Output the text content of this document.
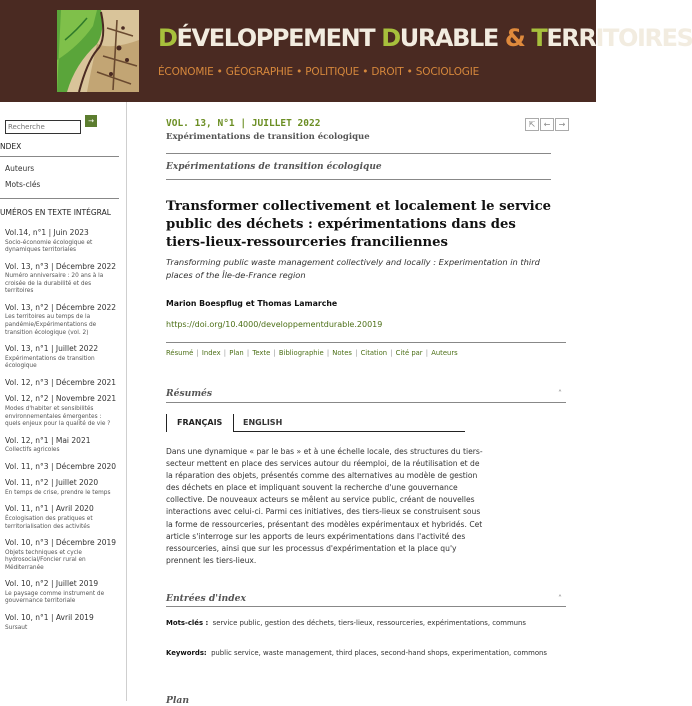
DÉVELOPPEMENT DURABLE & TERRITOIRES
ÉCONOMIE • GÉOGRAPHIE • POLITIQUE • DROIT • SOCIOLOGIE
Recherche
→
NDEX
Auteurs
Mots-clés
UMÉROS EN TEXTE INTÉGRAL
Vol.14, n°1 | Juin 2023
Socio-économie écologique et dynamiques territoriales
Vol. 13, n°3 | Décembre 2022
Numéro anniversaire : 20 ans à la croisée de la durabilité et des territoires
Vol. 13, n°2 | Décembre 2022
Les territoires au temps de la pandémie/Expérimentations de transition écologique (vol. 2)
Vol. 13, n°1 | Juillet 2022
Expérimentations de transition écologique
Vol. 12, n°3 | Décembre 2021
Vol. 12, n°2 | Novembre 2021
Modes d'habiter et sensibilités environnementales émergentes : quels enjeux pour la qualité de vie ?
Vol. 12, n°1 | Mai 2021
Collectifs agricoles
Vol. 11, n°3 | Décembre 2020
Vol. 11, n°2 | Juillet 2020
En temps de crise, prendre le temps
Vol. 11, n°1 | Avril 2020
Écologisation des pratiques et territorialisation des activités
Vol. 10, n°3 | Décembre 2019
Objets techniques et cycle hydrosocial/Foncier rural en Méditerranée
Vol. 10, n°2 | Juillet 2019
Le paysage comme instrument de gouvernance territoriale
Vol. 10, n°1 | Avril 2019
Sursaut
VOL. 13, N°1 | JUILLET 2022
Expérimentations de transition écologique
⇱ ← →
Expérimentations de transition écologique
Transformer collectivement et localement le service public des déchets : expérimentations dans des tiers-lieux-ressourceries franciliennes
Transforming public waste management collectively and locally : Experimentation in third places of the Île-de-France region
Marion Boespflug et Thomas Lamarche
https://doi.org/10.4000/developpementdurable.20019
Résumé | Index | Plan | Texte | Bibliographie | Notes | Citation | Cité par | Auteurs
Résumés	˄
FRANÇAIS	ENGLISH
Dans une dynamique « par le bas » et à une échelle locale, des structures du tiers-secteur mettent en place des services autour du réemploi, de la réutilisation et de la réparation des objets, présentés comme des alternatives au modèle de gestion des déchets en place et impliquant souvent la recherche d'une gouvernance collective. De nouveaux acteurs se mêlent au service public, créant de nouvelles interactions avec celui-ci. Parmi ces initiatives, des tiers-lieux se construisent sous la forme de ressourceries, présentant des modèles expérimentaux et hybridés. Cet article s'interroge sur les apports de leurs expérimentations dans l'activité des ressourceries, ainsi que sur les processus d'expérimentation et la place qu'y prennent les tiers-lieux.
Entrées d'index	˄
Mots-clés : service public, gestion des déchets, tiers-lieux, ressourceries, expérimentations, communs
Keywords: public service, waste management, third places, second-hand shops, experimentation, commons
Plan
